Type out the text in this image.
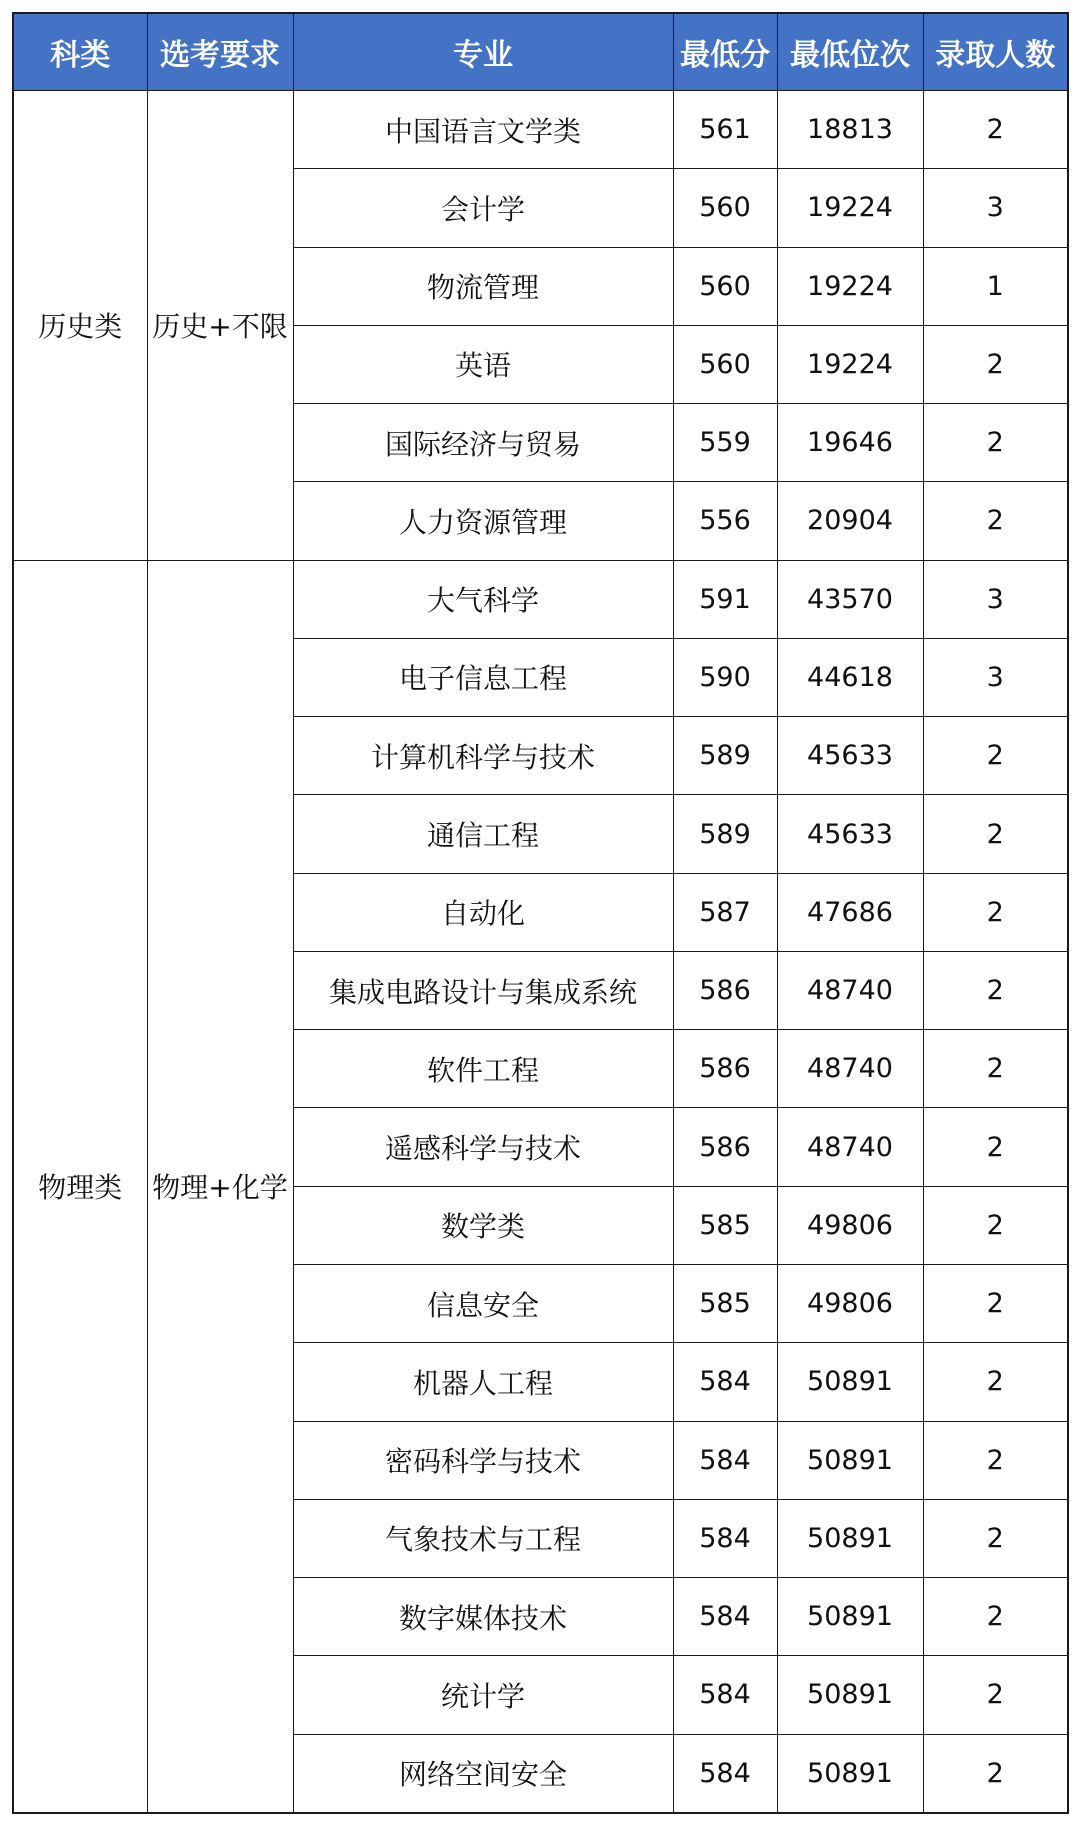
科类	选考要求	专业	最低分	最低位次	录取人数
历史类	历史+不限	中国语言文学类	561	18813	2
		会计学	560	19224	3
		物流管理	560	19224	1
		英语	560	19224	2
		国际经济与贸易	559	19646	2
		人力资源管理	556	20904	2
物理类	物理+化学	大气科学	591	43570	3
		电子信息工程	590	44618	3
		计算机科学与技术	589	45633	2
		通信工程	589	45633	2
		自动化	587	47686	2
		集成电路设计与集成系统	586	48740	2
		软件工程	586	48740	2
		遥感科学与技术	586	48740	2
		数学类	585	49806	2
		信息安全	585	49806	2
		机器人工程	584	50891	2
		密码科学与技术	584	50891	2
		气象技术与工程	584	50891	2
		数字媒体技术	584	50891	2
		统计学	584	50891	2
		网络空间安全	584	50891	2
